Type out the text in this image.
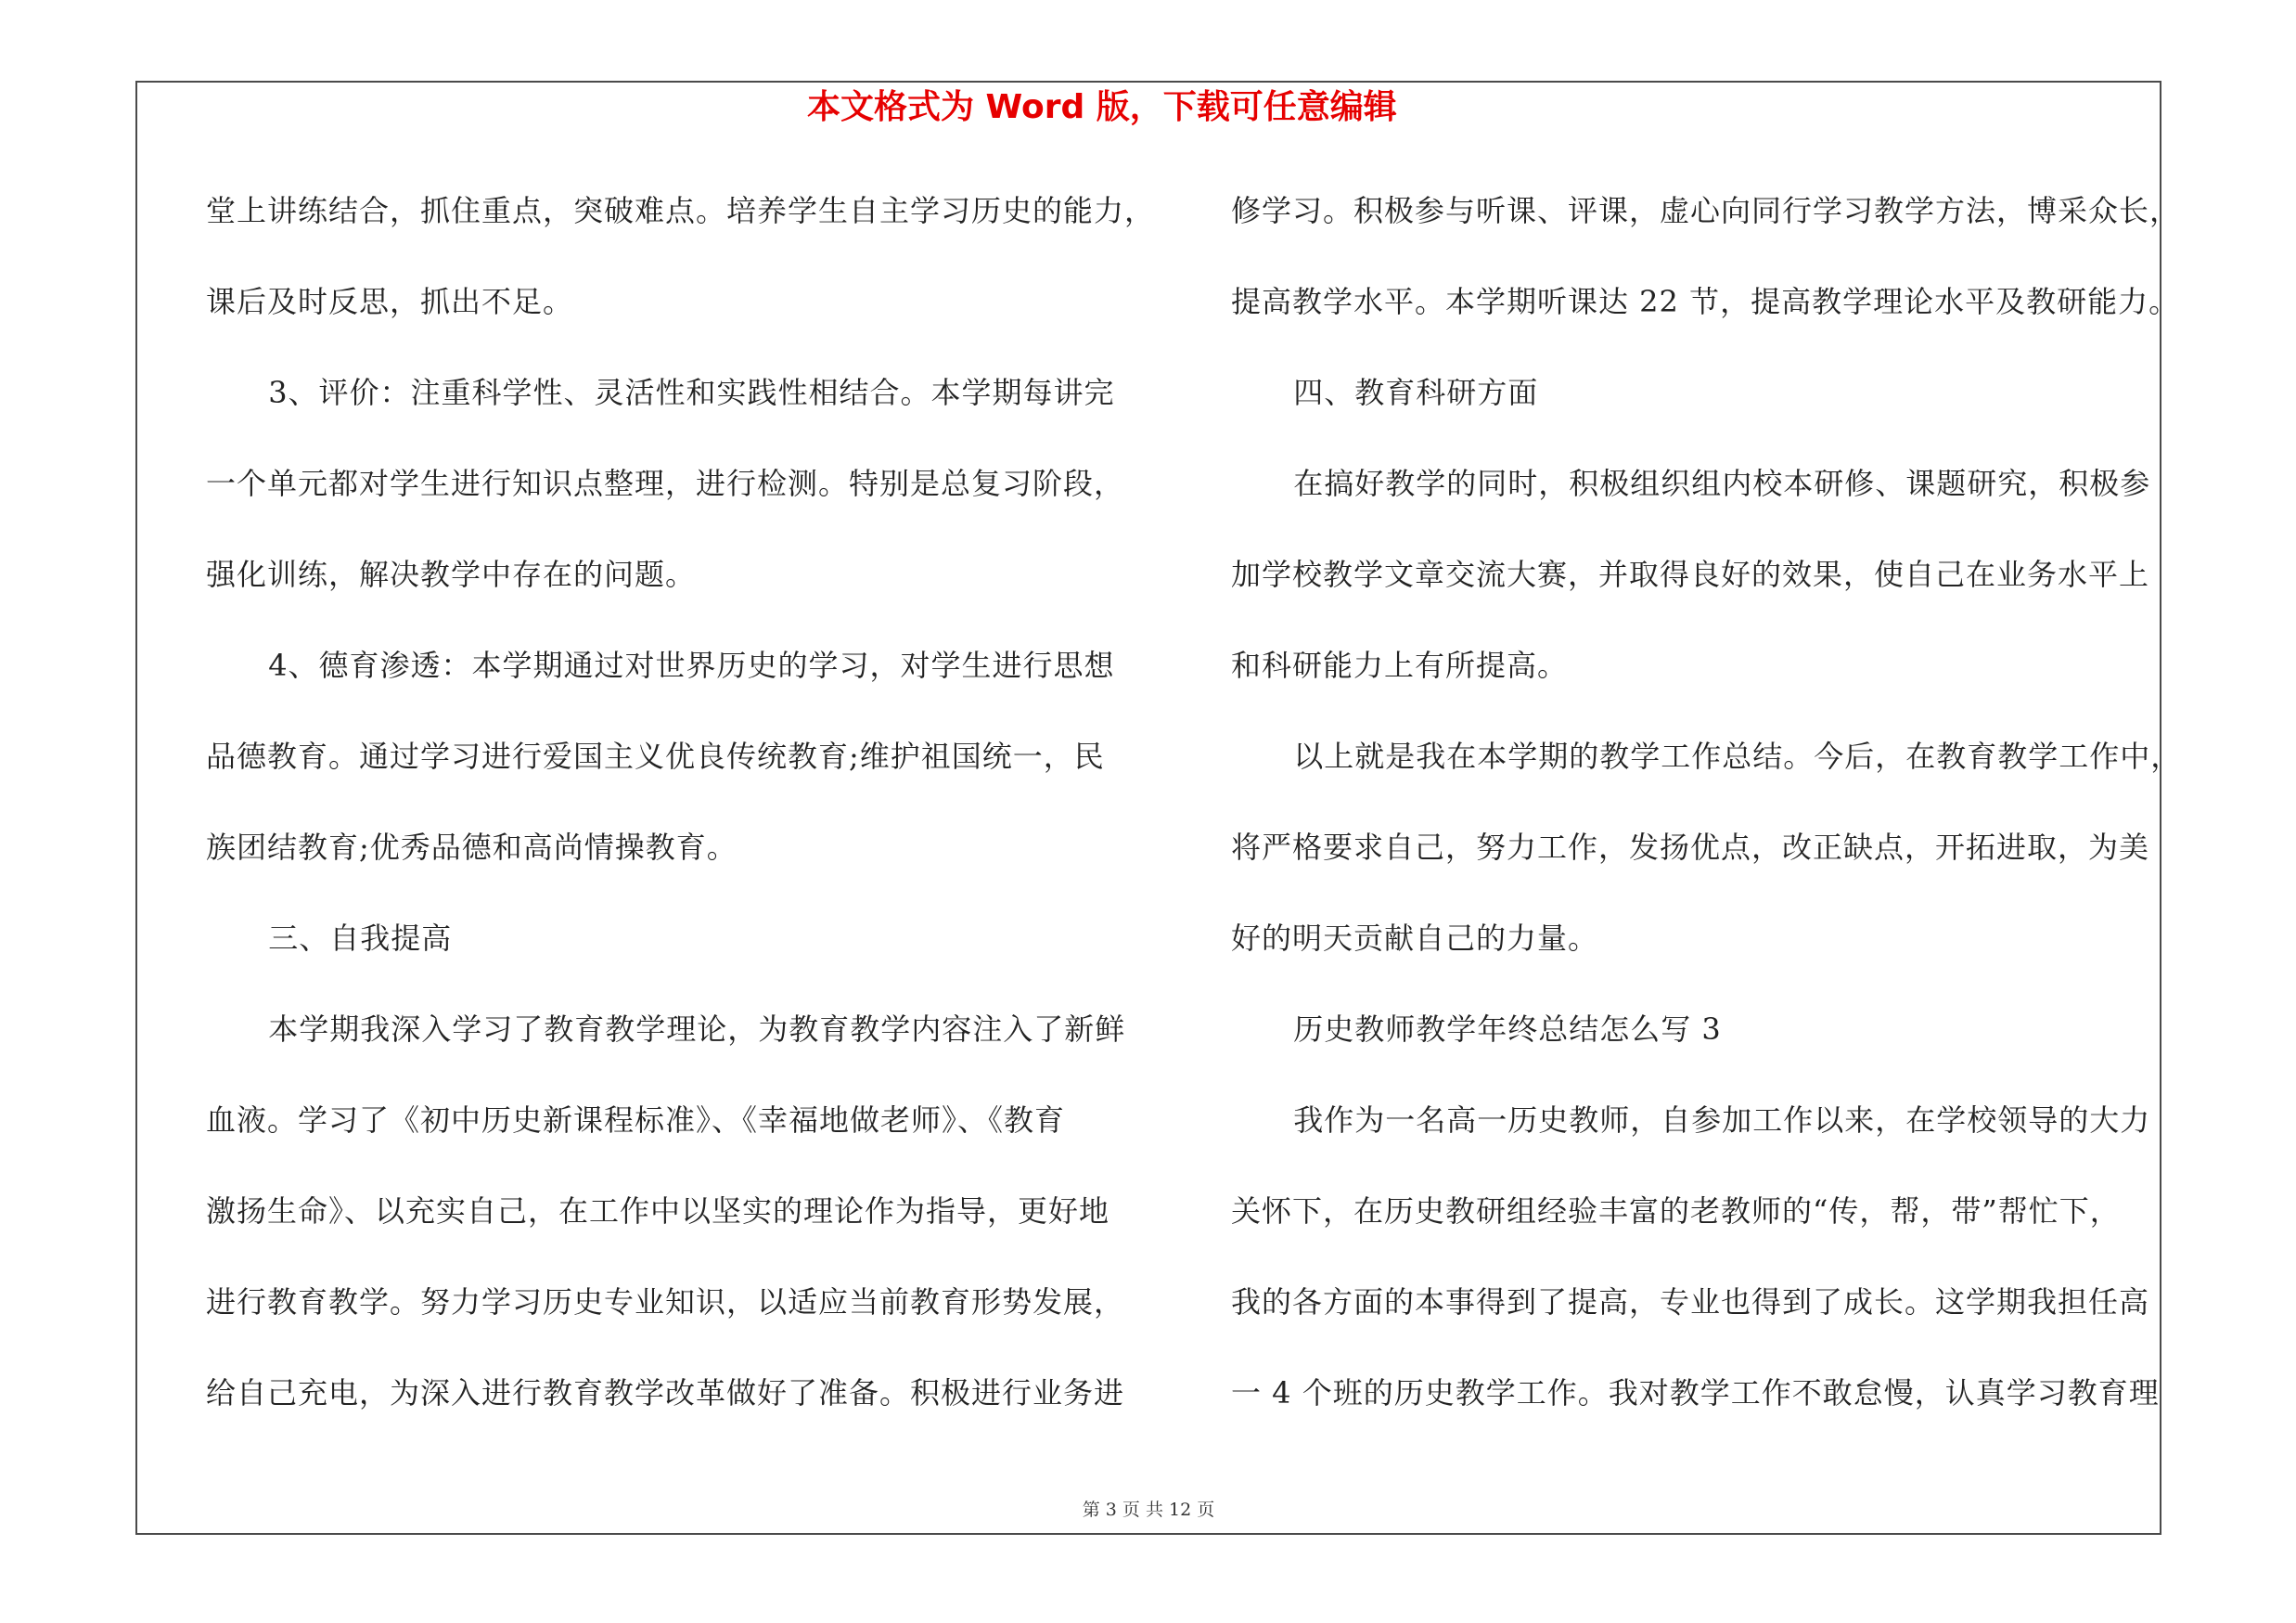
本文格式为 Word 版，下载可任意编辑
堂上讲练结合，抓住重点，突破难点。培养学生自主学习历史的能力，
课后及时反思，抓出不足。
3、评价：注重科学性、灵活性和实践性相结合。本学期每讲完
一个单元都对学生进行知识点整理，进行检测。特别是总复习阶段，
强化训练，解决教学中存在的问题。
4、德育渗透：本学期通过对世界历史的学习，对学生进行思想
品德教育。通过学习进行爱国主义优良传统教育;维护祖国统一，民
族团结教育;优秀品德和高尚情操教育。
三、自我提高
本学期我深入学习了教育教学理论，为教育教学内容注入了新鲜
血液。学习了《初中历史新课程标准》、《幸福地做老师》、《教育
激扬生命》、以充实自己，在工作中以坚实的理论作为指导，更好地
进行教育教学。努力学习历史专业知识，以适应当前教育形势发展，
给自己充电，为深入进行教育教学改革做好了准备。积极进行业务进
修学习。积极参与听课、评课，虚心向同行学习教学方法，博采众长，
提高教学水平。本学期听课达 22 节，提高教学理论水平及教研能力。
四、教育科研方面
在搞好教学的同时，积极组织组内校本研修、课题研究，积极参
加学校教学文章交流大赛，并取得良好的效果，使自己在业务水平上
和科研能力上有所提高。
以上就是我在本学期的教学工作总结。今后，在教育教学工作中，
将严格要求自己，努力工作，发扬优点，改正缺点，开拓进取，为美
好的明天贡献自己的力量。
历史教师教学年终总结怎么写 3
我作为一名高一历史教师，自参加工作以来，在学校领导的大力
关怀下，在历史教研组经验丰富的老教师的“传，帮，带”帮忙下，
我的各方面的本事得到了提高，专业也得到了成长。这学期我担任高
一 4 个班的历史教学工作。我对教学工作不敢怠慢，认真学习教育理
第 3 页 共 12 页
